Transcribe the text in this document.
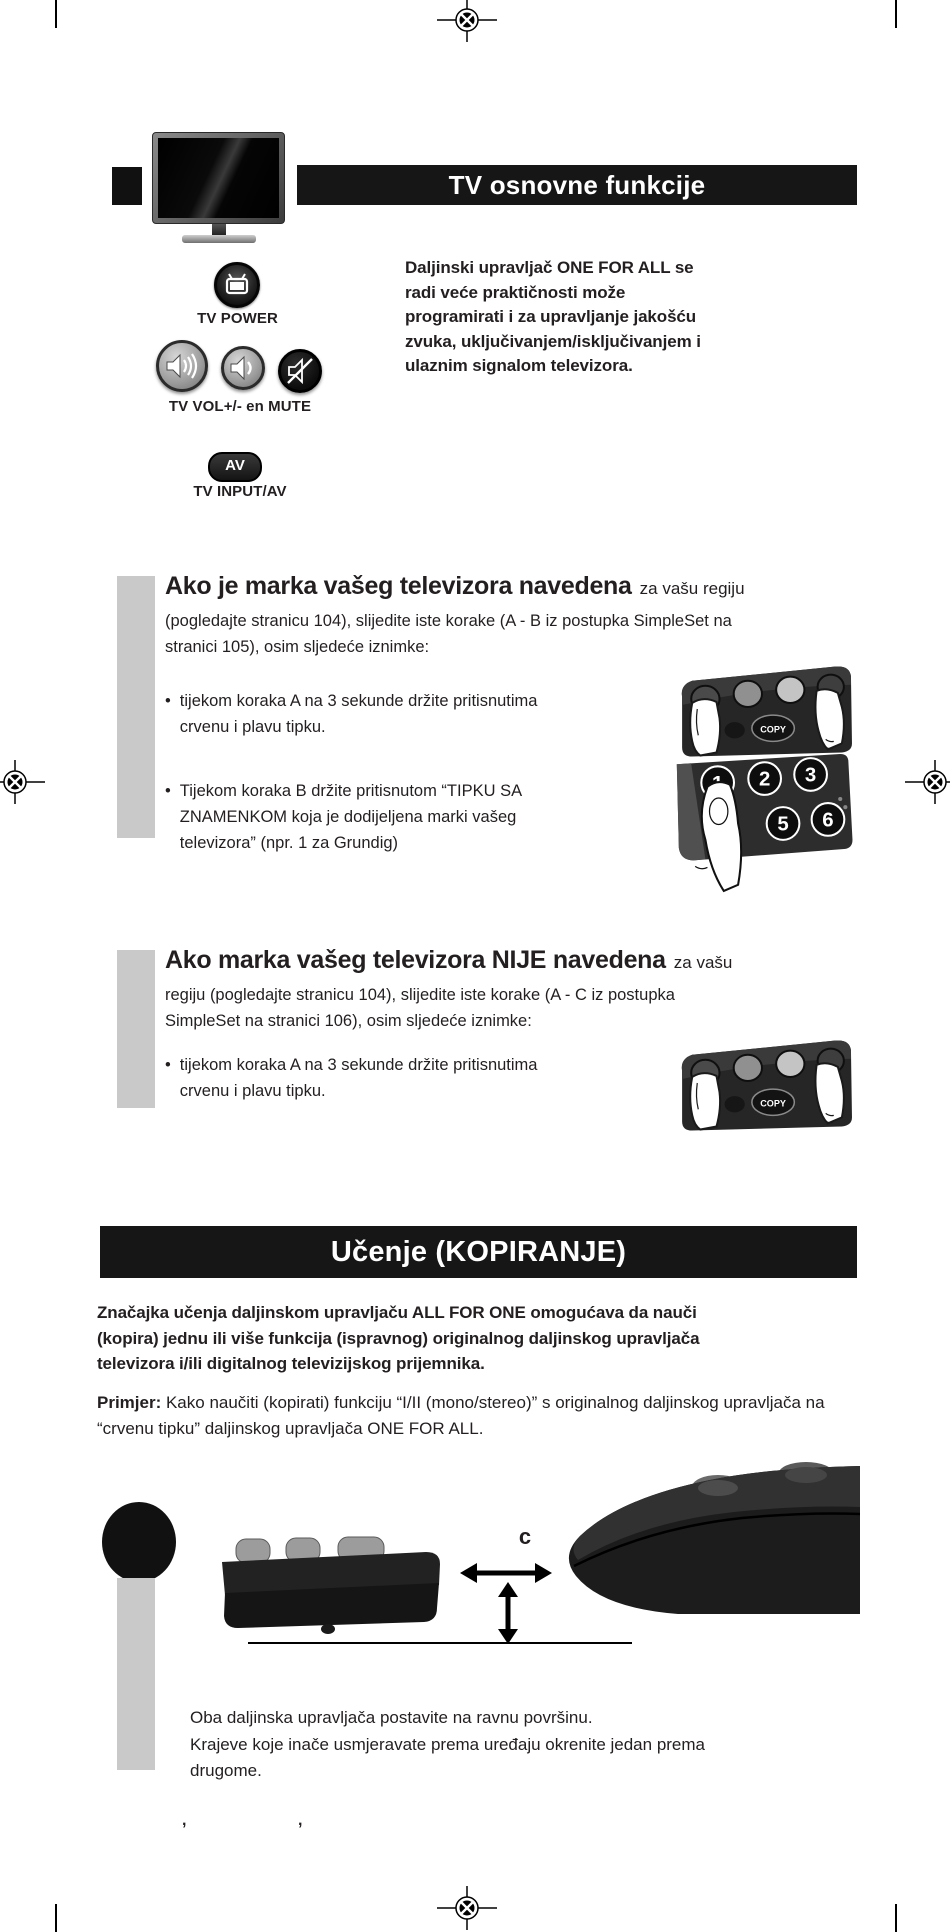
TV osnovne funkcije
TV POWER
TV VOL+/- en MUTE
AV
TV INPUT/AV
Daljinski upravljač ONE FOR ALL se
radi veće praktičnosti može
programirati i za upravljanje jakošću
zvuka, uključivanjem/isključivanjem i
ulaznim signalom televizora.
Ako je marka vašeg televizora navedena za vašu regiju
(pogledajte stranicu 104), slijedite iste korake (A - B iz postupka SimpleSet na
stranici 105), osim sljedeće iznimke:
• tijekom koraka A na 3 sekunde držite pritisnutima
crvenu i plavu tipku.	COPY
• Tijekom koraka B držite pritisnutom “TIPKU SA
ZNAMENKOM koja je dodijeljena marki vašeg
televizora” (npr. 1 za Grundig)
2 3
5 6
Ako marka vašeg televizora NIJE navedena za vašu
regiju (pogledajte stranicu 104), slijedite iste korake (A - C iz postupka
SimpleSet na stranici 106), osim sljedeće iznimke:
• tijekom koraka A na 3 sekunde držite pritisnutima
crvenu i plavu tipku.
COPY
Učenje (KOPIRANJE)
Značajka učenja daljinskom upravljaču ALL FOR ONE omogućava da nauči
(kopira) jednu ili više funkcija (ispravnog) originalnog daljinskog upravljača
televizora i/ili digitalnog televizijskog prijemnika.
Primjer: Kako naučiti (kopirati) funkciju “I/II (mono/stereo)” s originalnog daljinskog upravljača na “crvenu tipku” daljinskog upravljača ONE FOR ALL.
c
Oba daljinska upravljača postavite na ravnu površinu.
Krajeve koje inače usmjeravate prema uređaju okrenite jedan prema
drugome.
,	,
